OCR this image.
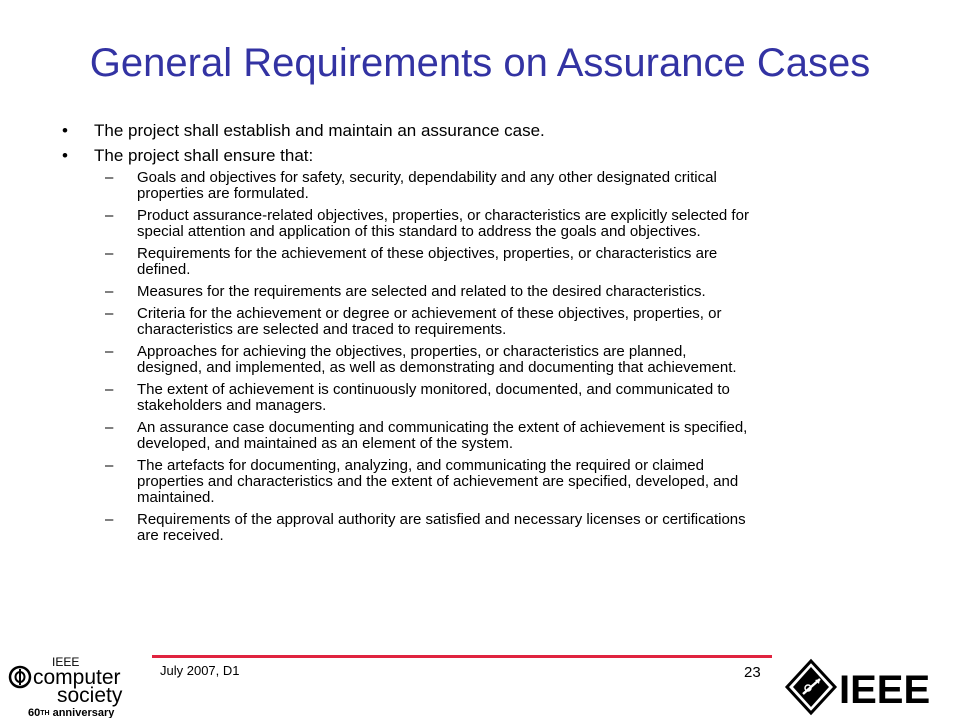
General Requirements on Assurance Cases
•	The project shall establish and maintain an assurance case.
•	The project shall ensure that:
–	Goals and objectives for safety, security, dependability and any other designated critical
properties are formulated.
–	Product assurance-related objectives, properties, or characteristics are explicitly selected for
special attention and application of this standard to address the goals and objectives.
–	Requirements for the achievement of these objectives, properties, or characteristics are
defined.
–	Measures for the requirements are selected and related to the desired characteristics.
–	Criteria for the achievement or degree or achievement of these objectives, properties, or
characteristics are selected and traced to requirements.
–	Approaches for achieving the objectives, properties, or characteristics are planned,
designed, and implemented, as well as demonstrating and documenting that achievement.
–	The extent of achievement is continuously monitored, documented, and communicated to
stakeholders and managers.
–	An assurance case documenting and communicating the extent of achievement is specified,
developed, and maintained as an element of the system.
–	The artefacts for documenting, analyzing, and communicating the required or claimed
properties and characteristics and the extent of achievement are specified, developed, and
maintained.
–	Requirements of the approval authority are satisfied and necessary licenses or certifications
are received.
IEEE
computer
society
60TH anniversary
July 2007, D1	23 IEEE
